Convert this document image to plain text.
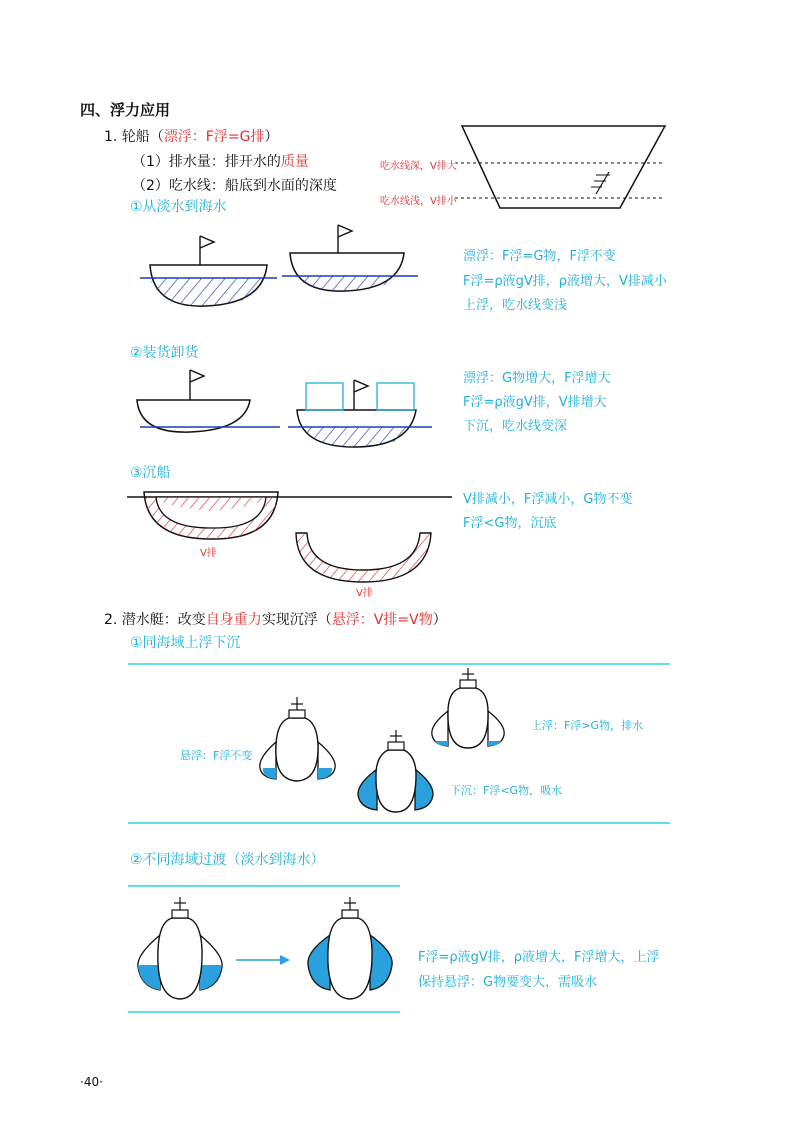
四、浮力应用
1. 轮船（漂浮：F浮=G排）
（1）排水量：排开水的质量
（2）吃水线：船底到水面的深度
吃水线深，V排大
吃水线浅，V排小
①从淡水到海水
漂浮：F浮=G物，F浮不变
F浮=ρ液gV排，ρ液增大，V排减小
上浮，吃水线变浅
②装货卸货
漂浮：G物增大，F浮增大
F浮=ρ液gV排，V排增大
下沉，吃水线变深
③沉船
V排减小，F浮减小，G物不变
F浮<G物，沉底
V排
V排
2. 潜水艇：改变自身重力实现沉浮（悬浮：V排=V物）
①同海域上浮下沉
悬浮：F浮不变
上浮：F浮>G物，排水
下沉：F浮<G物，吸水
②不同海域过渡（淡水到海水）
F浮=ρ液gV排，ρ液增大，F浮增大，上浮
保持悬浮：G物要变大，需吸水
·40·
